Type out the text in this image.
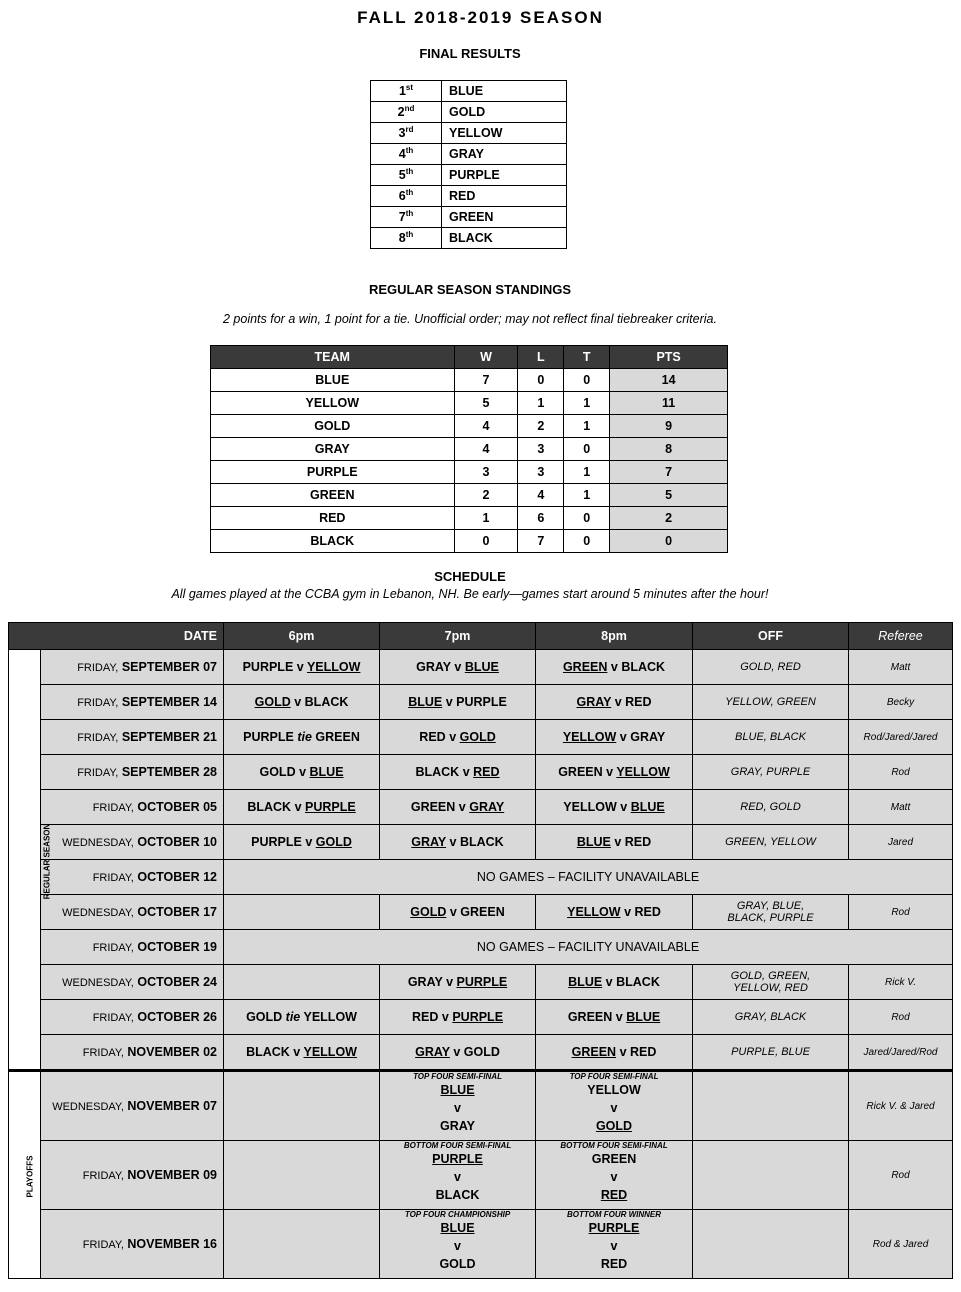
FALL 2018-2019 SEASON
FINAL RESULTS
1st	BLUE
2nd	GOLD
3rd	YELLOW
4th	GRAY
5th	PURPLE
6th	RED
7th	GREEN
8th	BLACK
REGULAR SEASON STANDINGS
2 points for a win, 1 point for a tie. Unofficial order; may not reflect final tiebreaker criteria.
TEAM	W	L	T	PTS
BLUE	7	0	0	14
YELLOW	5	1	1	11
GOLD	4	2	1	9
GRAY	4	3	0	8
PURPLE	3	3	1	7
GREEN	2	4	1	5
RED	1	6	0	2
BLACK	0	7	0	0
SCHEDULE
All games played at the CCBA gym in Lebanon, NH. Be early—games start around 5 minutes after the hour!
DATE		6pm	7pm	8pm	OFF	Referee
REGULAR SEASON	FRIDAY, SEPTEMBER 07	PURPLE v YELLOW	GRAY v BLUE	GREEN v BLACK	GOLD, RED	Matt
	FRIDAY, SEPTEMBER 14	GOLD v BLACK	BLUE v PURPLE	GRAY v RED	YELLOW, GREEN	Becky
	FRIDAY, SEPTEMBER 21	PURPLE tie GREEN	RED v GOLD	YELLOW v GRAY	BLUE, BLACK	Rod/Jared/Jared
	FRIDAY, SEPTEMBER 28	GOLD v BLUE	BLACK v RED	GREEN v YELLOW	GRAY, PURPLE	Rod
	FRIDAY, OCTOBER 05	BLACK v PURPLE	GREEN v GRAY	YELLOW v BLUE	RED, GOLD	Matt
	WEDNESDAY, OCTOBER 10	PURPLE v GOLD	GRAY v BLACK	BLUE v RED	GREEN, YELLOW	Jared
	FRIDAY, OCTOBER 12	NO GAMES – FACILITY UNAVAILABLE				
	WEDNESDAY, OCTOBER 17		GOLD v GREEN	YELLOW v RED	GRAY, BLUE,
BLACK, PURPLE	Rod
	FRIDAY, OCTOBER 19	NO GAMES – FACILITY UNAVAILABLE				
	WEDNESDAY, OCTOBER 24		GRAY v PURPLE	BLUE v BLACK	GOLD, GREEN,
YELLOW, RED	Rick V.
	FRIDAY, OCTOBER 26	GOLD tie YELLOW	RED v PURPLE	GREEN v BLUE	GRAY, BLACK	Rod
	FRIDAY, NOVEMBER 02	BLACK v YELLOW	GRAY v GOLD	GREEN v RED	PURPLE, BLUE	Jared/Jared/Rod
PLAYOFFS	WEDNESDAY, NOVEMBER 07		TOP FOUR SEMI-FINAL
BLUE
v
GRAY	TOP FOUR SEMI-FINAL
YELLOW
v
GOLD		Rick V. & Jared
	FRIDAY, NOVEMBER 09		BOTTOM FOUR SEMI-FINAL
PURPLE
v
BLACK	BOTTOM FOUR SEMI-FINAL
GREEN
v
RED		Rod
	FRIDAY, NOVEMBER 16		TOP FOUR CHAMPIONSHIP
BLUE
v
GOLD	BOTTOM FOUR WINNER
PURPLE
v
RED		Rod & Jared
